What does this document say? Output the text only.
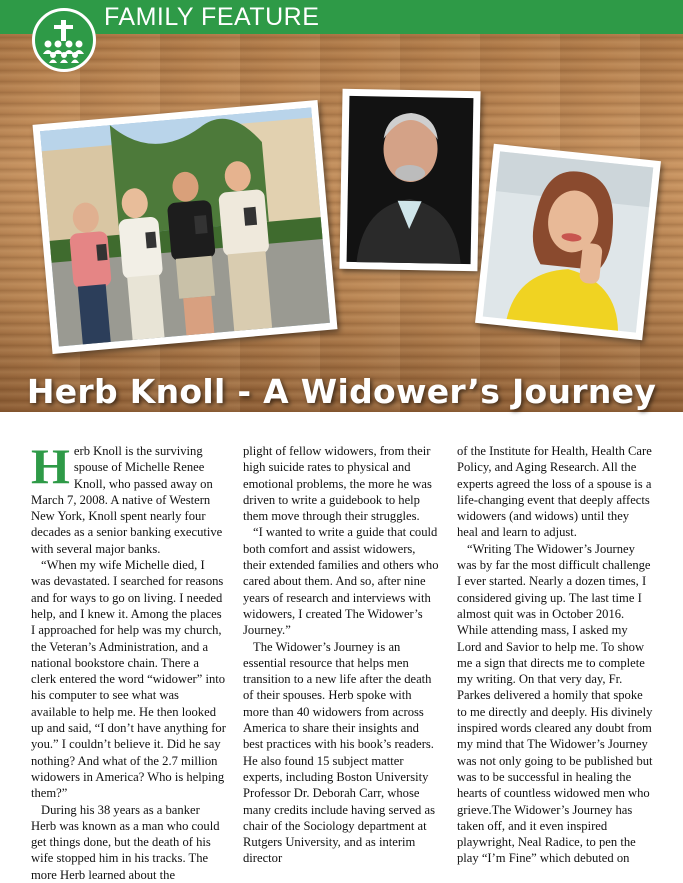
FAMILY FEATURE
Herb Knoll - A Widower’s Journey
By Scott Starstrom

Herb Knoll is the surviving spouse of Michelle Renee Knoll, who passed away on March 7, 2008. A native of Western New York, Knoll spent nearly four decades as a senior banking executive with several major banks.

“When my wife Michelle died, I was devastated. I searched for reasons and for ways to go on living. I needed help, and I knew it. Among the places I approached for help was my church, the Veteran’s Administration, and a national bookstore chain. There a clerk entered the word “widower” into his computer to see what was available to help me. He then looked up and said, “I don’t have anything for you.” I couldn’t believe it. Did he say nothing? And what of the 2.7 million widowers in America? Who is helping them?”

During his 38 years as a banker Herb was known as a man who could get things done, but the death of his wife stopped him in his tracks. The more Herb learned about the

plight of fellow widowers, from their high suicide rates to physical and emotional problems, the more he was driven to write a guidebook to help them move through their struggles.

“I wanted to write a guide that could both comfort and assist widowers, their extended families and others who cared about them. And so, after nine years of research and interviews with widowers, I created The Widower’s Journey.”

The Widower’s Journey is an essential resource that helps men transition to a new life after the death of their spouses. Herb spoke with more than 40 widowers from across America to share their insights and best practices with his book’s readers. He also found 15 subject matter experts, including Boston University Professor Dr. Deborah Carr, whose many credits include having served as chair of the Sociology department at Rutgers University, and as interim director

of the Institute for Health, Health Care Policy, and Aging Research. All the experts agreed the loss of a spouse is a life-changing event that deeply affects widowers (and widows) until they heal and learn to adjust.

“Writing The Widower’s Journey was by far the most difficult challenge I ever started. Nearly a dozen times, I considered giving up. The last time I almost quit was in October 2016. While attending mass, I asked my Lord and Savior to help me. To show me a sign that directs me to complete my writing. On that very day, Fr. Parkes delivered a homily that spoke to me directly and deeply. His divinely inspired words cleared any doubt from my mind that The Widower’s Journey was not only going to be published but was to be successful in healing the hearts of countless widowed men who grieve.The Widower’s Journey has taken off, and it even inspired playwright, Neal Radice, to pen the play “I’m Fine” which debuted on
